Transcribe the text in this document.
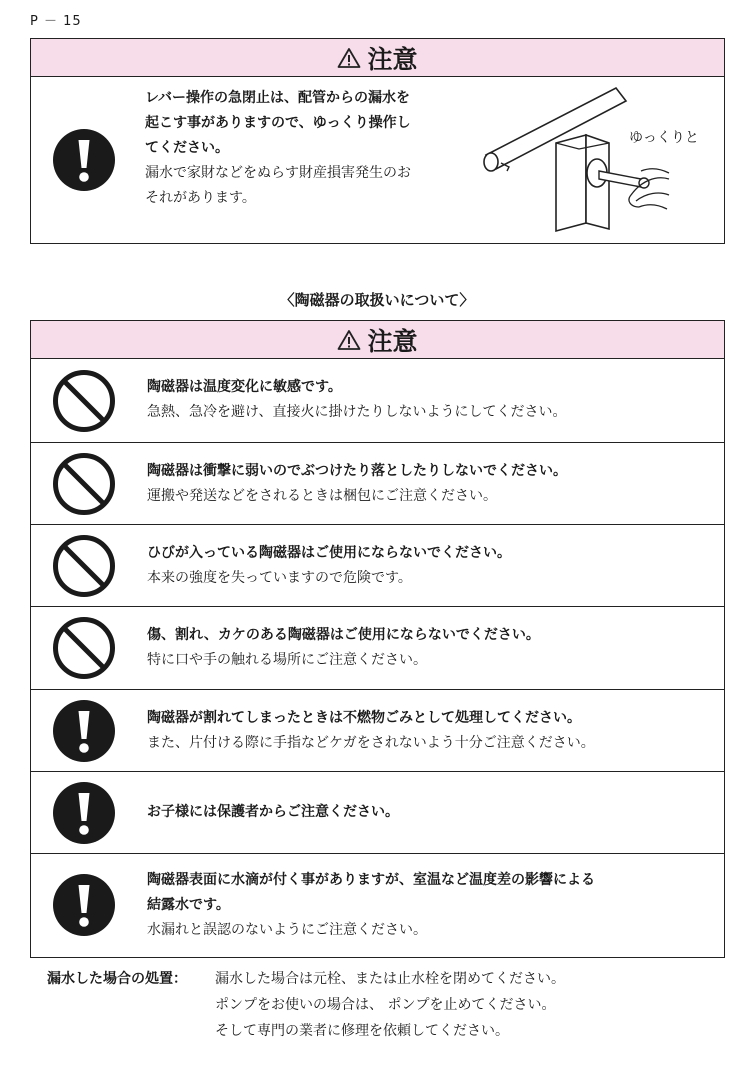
P － 15
注意
レバー操作の急閉止は、配管からの漏水を
起こす事がありますので、ゆっくり操作し
てください。
漏水で家財などをぬらす財産損害発生のお
それがあります。
ゆっくりと
〈陶磁器の取扱いについて〉
注意
陶磁器は温度変化に敏感です。
急熱、急冷を避け、直接火に掛けたりしないようにしてください。
陶磁器は衝撃に弱いのでぶつけたり落としたりしないでください。
運搬や発送などをされるときは梱包にご注意ください。
ひびが入っている陶磁器はご使用にならないでください。
本来の強度を失っていますので危険です。
傷、割れ、カケのある陶磁器はご使用にならないでください。
特に口や手の触れる場所にご注意ください。
陶磁器が割れてしまったときは不燃物ごみとして処理してください。
また、片付ける際に手指などケガをされないよう十分ご注意ください。
お子様には保護者からご注意ください。
陶磁器表面に水滴が付く事がありますが、室温など温度差の影響による
結露水です。
水漏れと誤認のないようにご注意ください。
漏水した場合の処置： 漏水した場合は元栓、または止水栓を閉めてください。
ポンプをお使いの場合は、 ポンプを止めてください。
そして専門の業者に修理を依頼してください。
